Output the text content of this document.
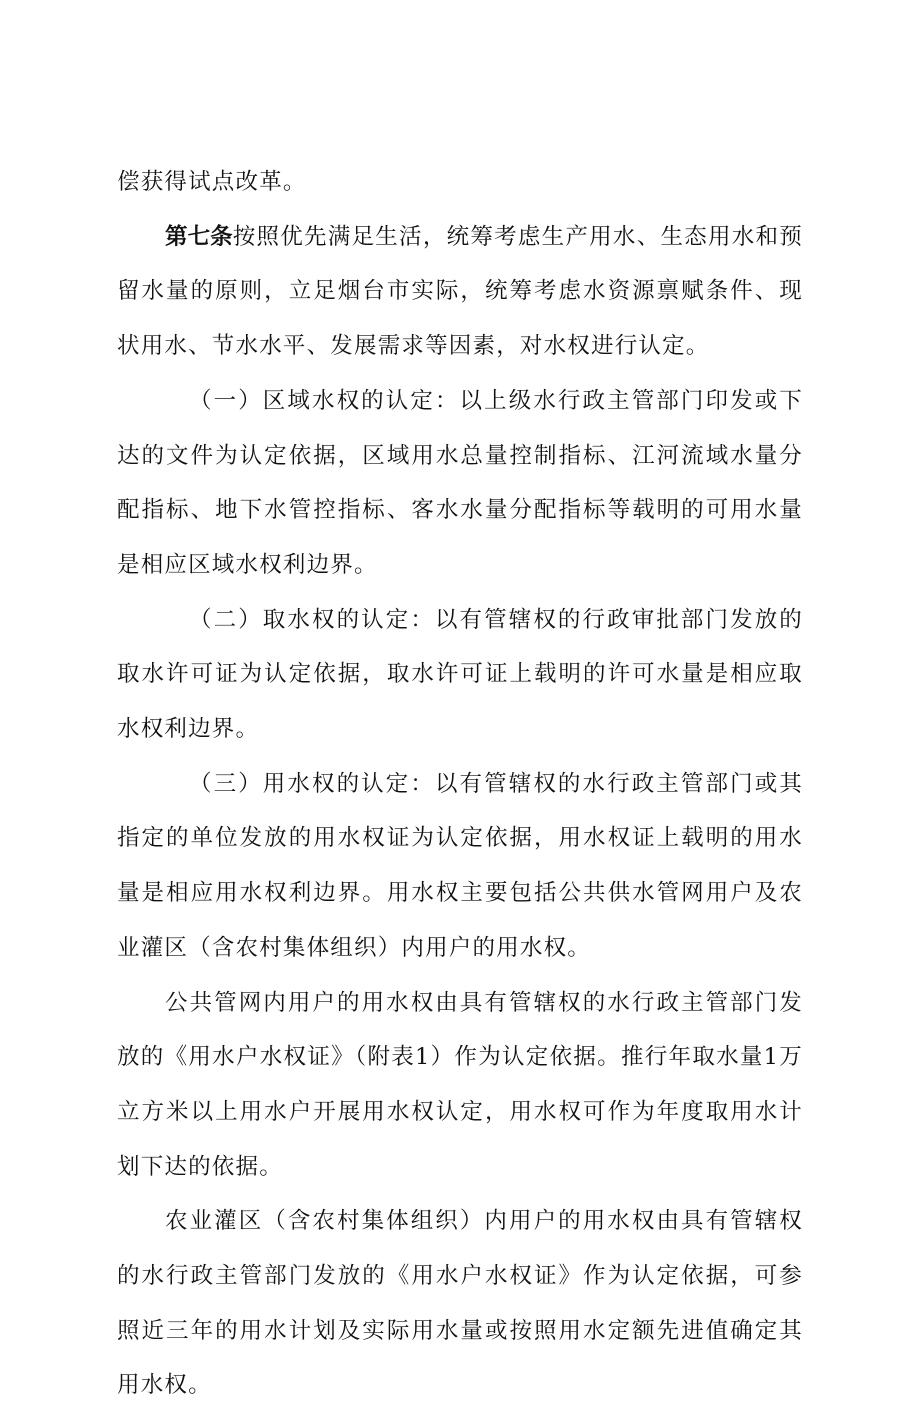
偿获得试点改革。

第七条按照优先满足生活，统筹考虑生产用水、生态用水和预留水量的原则，立足烟台市实际，统筹考虑水资源禀赋条件、现状用水、节水水平、发展需求等因素，对水权进行认定。

（一）区域水权的认定：以上级水行政主管部门印发或下达的文件为认定依据，区域用水总量控制指标、江河流域水量分配指标、地下水管控指标、客水水量分配指标等载明的可用水量是相应区域水权利边界。

（二）取水权的认定：以有管辖权的行政审批部门发放的取水许可证为认定依据，取水许可证上载明的许可水量是相应取水权利边界。

（三）用水权的认定：以有管辖权的水行政主管部门或其指定的单位发放的用水权证为认定依据，用水权证上载明的用水量是相应用水权利边界。用水权主要包括公共供水管网用户及农业灌区（含农村集体组织）内用户的用水权。

公共管网内用户的用水权由具有管辖权的水行政主管部门发放的《用水户水权证》（附表1）作为认定依据。推行年取水量1万立方米以上用水户开展用水权认定，用水权可作为年度取用水计划下达的依据。

农业灌区（含农村集体组织）内用户的用水权由具有管辖权的水行政主管部门发放的《用水户水权证》作为认定依据，可参照近三年的用水计划及实际用水量或按照用水定额先进值确定其用水权。
